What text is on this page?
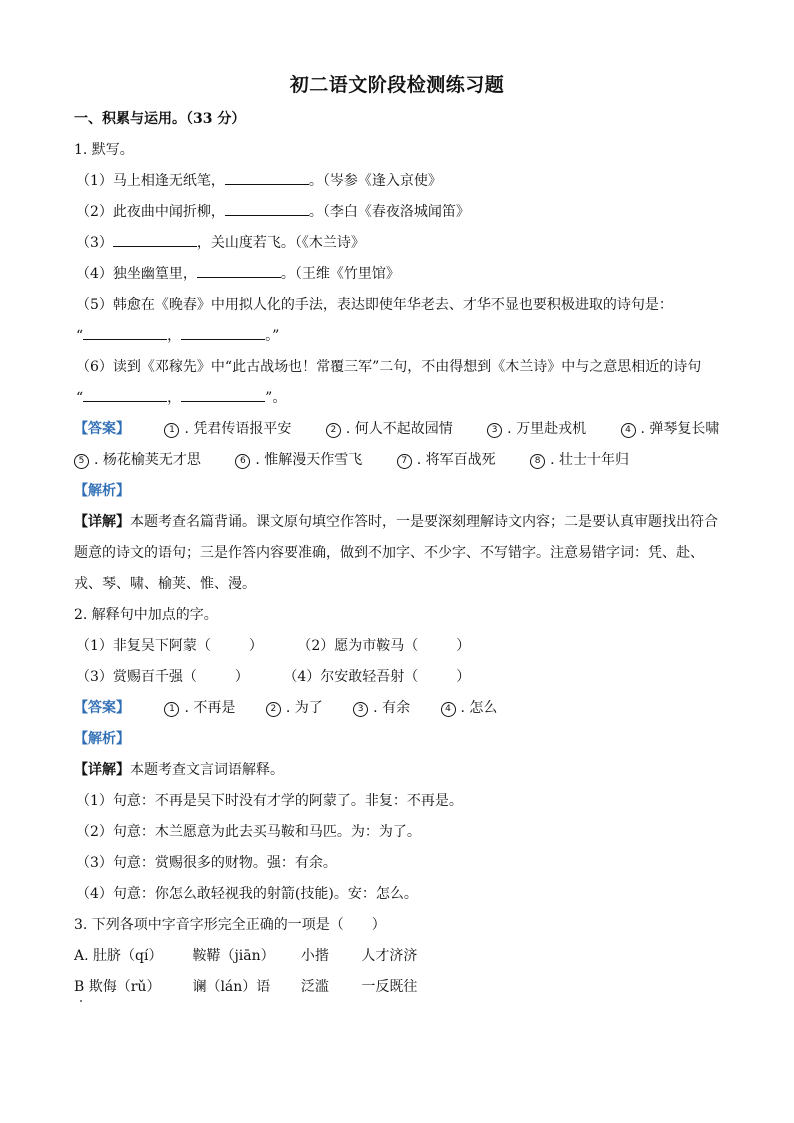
初二语文阶段检测练习题
一、积累与运用。（33 分）
1. 默写。
（1）马上相逢无纸笔，	。（岑参《逢入京使》
（2）此夜曲中闻折柳，	。（李白《春夜洛城闻笛》
（3）	，关山度若飞。（《木兰诗》
（4）独坐幽篁里，	。（王维《竹里馆》
（5）韩愈在《晚春》中用拟人化的手法，表达即使年华老去、才华不显也要积极进取的诗句是：
“	，	。”
（6）读到《邓稼先》中“此古战场也！常覆三军”二句，不由得想到《木兰诗》中与之意思相近的诗句
“	，	”。
【答案】	1 . 凭君传语报平安	2 . 何人不起故园情	3 . 万里赴戎机	4 . 弹琴复长啸
5 . 杨花榆荚无才思	6 . 惟解漫天作雪飞	7 . 将军百战死	8 . 壮士十年归
【解析】
【详解】本题考查名篇背诵。课文原句填空作答时，一是要深刻理解诗文内容；二是要认真审题找出符合
题意的诗文的语句；三是作答内容要准确，做到不加字、不少字、不写错字。注意易错字词：凭、赴、
戎、琴、啸、榆荚、惟、漫。
2. 解释句中加点的字。
（1）非复吴下阿蒙（	） （2）愿为市鞍马（	）
（3）赏赐百千强（	） （4）尔安敢轻吾射（	）
【答案】	1 . 不再是	2 . 为了	3 . 有余	4 . 怎么
【解析】
【详解】本题考查文言词语解释。
（1）句意：不再是吴下时没有才学的阿蒙了。非复：不再是。
（2）句意：木兰愿意为此去买马鞍和马匹。为：为了。
（3）句意：赏赐很多的财物。强：有余。
（4）句意：你怎么敢轻视我的射箭(技能)。安：怎么。
3. 下列各项中字音字形完全正确的一项是（　　）
A. 肚脐（qí） 鞍鞯（jiān） 小揩 人才济济
B 欺侮（rǔ） 谰（lán）语 泛滥 一反既往
